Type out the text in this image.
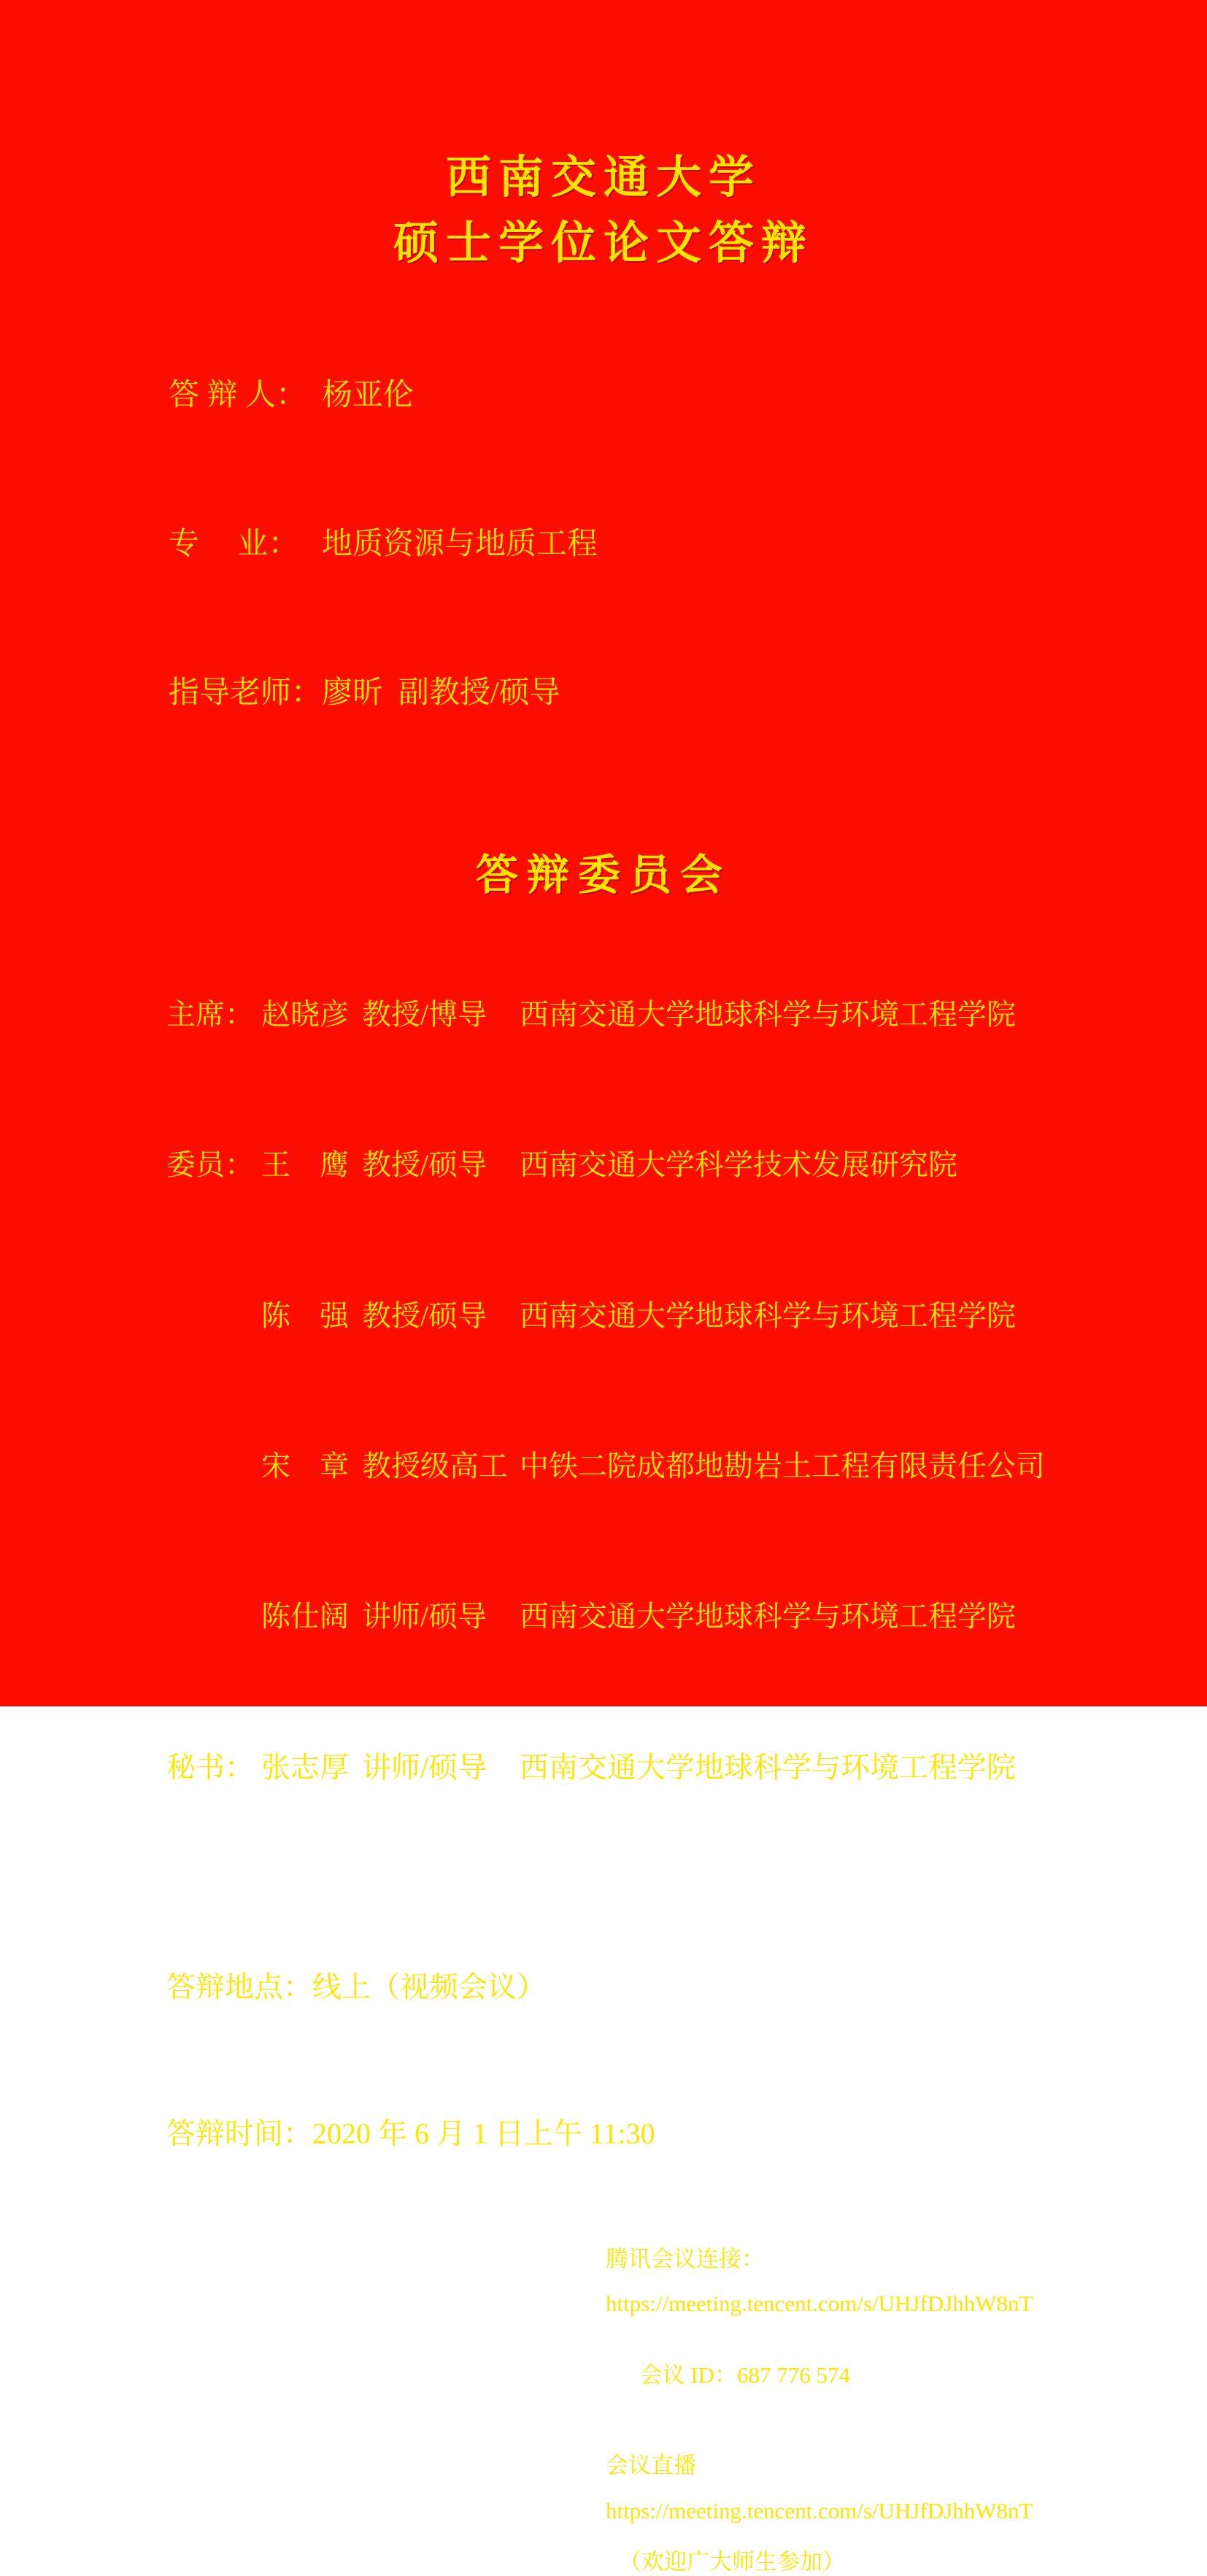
西南交通大学
硕士学位论文答辩

答 辩 人： 杨亚伦

专     业： 地质资源与地质工程

指导老师：廖昕  副教授/硕导

答辩委员会

主席： 赵晓彦 教授/博导 西南交通大学地球科学与环境工程学院

委员： 王　鹰 教授/硕导 西南交通大学科学技术发展研究院

陈　强 教授/硕导 西南交通大学地球科学与环境工程学院

宋　章 教授级高工 中铁二院成都地勘岩土工程有限责任公司

陈仕阔 讲师/硕导 西南交通大学地球科学与环境工程学院

秘书： 张志厚 讲师/硕导 西南交通大学地球科学与环境工程学院

答辩地点：线上（视频会议）

答辩时间：2020 年 6 月 1 日上午 11:30

腾讯会议连接：
https://meeting.tencent.com/s/UHJfDJhhW8nT

会议 ID：687 776 574

会议直播
https://meeting.tencent.com/s/UHJfDJhhW8nT
（欢迎广大师生参加）
